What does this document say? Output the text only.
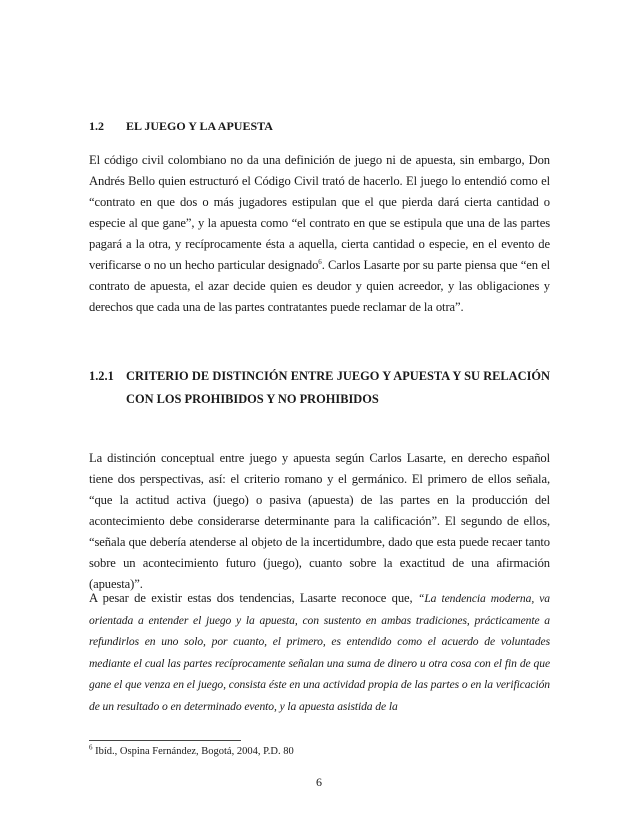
1.2 EL JUEGO Y LA APUESTA

El código civil colombiano no da una definición de juego ni de apuesta, sin embargo, Don Andrés Bello quien estructuró el Código Civil trató de hacerlo. El juego lo entendió como el “contrato en que dos o más jugadores estipulan que el que pierda dará cierta cantidad o especie al que gane”, y la apuesta como “el contrato en que se estipula que una de las partes pagará a la otra, y recíprocamente ésta a aquella, cierta cantidad o especie, en el evento de verificarse o no un hecho particular designado$^6$. Carlos Lasarte por su parte piensa que “en el contrato de apuesta, el azar decide quien es deudor y quien acreedor, y las obligaciones y derechos que cada una de las partes contratantes puede reclamar de la otra”.

1.2.1 CRITERIO DE DISTINCIÓN ENTRE JUEGO Y APUESTA Y SU RELACIÓN CON LOS PROHIBIDOS Y NO PROHIBIDOS

La distinción conceptual entre juego y apuesta según Carlos Lasarte, en derecho español tiene dos perspectivas, así: el criterio romano y el germánico. El primero de ellos señala, “que la actitud activa (juego) o pasiva (apuesta) de las partes en la producción del acontecimiento debe considerarse determinante para la calificación”. El segundo de ellos, “señala que debería atenderse al objeto de la incertidumbre, dado que esta puede recaer tanto sobre un acontecimiento futuro (juego), cuanto sobre la exactitud de una afirmación (apuesta)”.

A pesar de existir estas dos tendencias, Lasarte reconoce que, “La tendencia moderna, va orientada a entender el juego y la apuesta, con sustento en ambas tradiciones, prácticamente a refundirlos en uno solo, por cuanto, el primero, es entendido como el acuerdo de voluntades mediante el cual las partes recíprocamente señalan una suma de dinero u otra cosa con el fin de que gane el que venza en el juego, consista éste en una actividad propia de las partes o en la verificación de un resultado o en determinado evento, y la apuesta asistida de la

$^6$ Ibíd., Ospina Fernández, Bogotá, 2004, P.D. 80
6
